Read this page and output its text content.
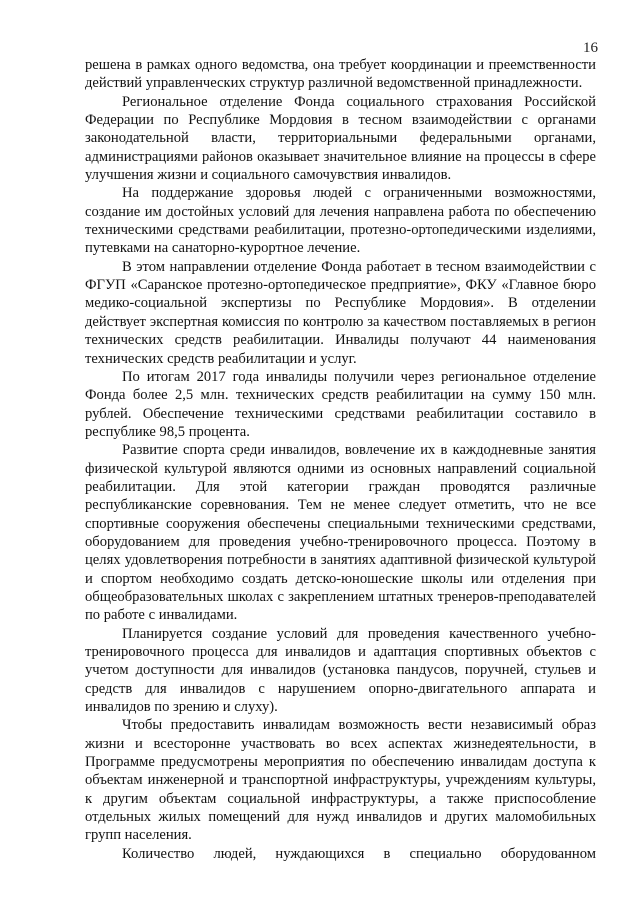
16

решена в рамках одного ведомства, она требует координации и преемственности действий управленческих структур различной ведомственной принадлежности.

Региональное отделение Фонда социального страхования Российской Федерации по Республике Мордовия в тесном взаимодействии с органами законодательной власти, территориальными федеральными органами, администрациями районов оказывает значительное влияние на процессы в сфере улучшения жизни и социального самочувствия инвалидов.

На поддержание здоровья людей с ограниченными возможностями, создание им достойных условий для лечения направлена работа по обеспечению техническими средствами реабилитации, протезно-ортопедическими изделиями, путевками на санаторно-курортное лечение.

В этом направлении отделение Фонда работает в тесном взаимодействии с ФГУП «Саранское протезно-ортопедическое предприятие», ФКУ «Главное бюро медико-социальной экспертизы по Республике Мордовия». В отделении действует экспертная комиссия по контролю за качеством поставляемых в регион технических средств реабилитации. Инвалиды получают 44 наименования технических средств реабилитации и услуг.

По итогам 2017 года инвалиды получили через региональное отделение Фонда более 2,5 млн. технических средств реабилитации на сумму 150 млн. рублей. Обеспечение техническими средствами реабилитации составило в республике 98,5 процента.

Развитие спорта среди инвалидов, вовлечение их в каждодневные занятия физической культурой являются одними из основных направлений социальной реабилитации. Для этой категории граждан проводятся различные республиканские соревнования. Тем не менее следует отметить, что не все спортивные сооружения обеспечены специальными техническими средствами, оборудованием для проведения учебно-тренировочного процесса. Поэтому в целях удовлетворения потребности в занятиях адаптивной физической культурой и спортом необходимо создать детско-юношеские школы или отделения при общеобразовательных школах с закреплением штатных тренеров-преподавателей по работе с инвалидами.

Планируется создание условий для проведения качественного учебно-тренировочного процесса для инвалидов и адаптация спортивных объектов с учетом доступности для инвалидов (установка пандусов, поручней, стульев и средств для инвалидов с нарушением опорно-двигательного аппарата и инвалидов по зрению и слуху).

Чтобы предоставить инвалидам возможность вести независимый образ жизни и всесторонне участвовать во всех аспектах жизнедеятельности, в Программе предусмотрены мероприятия по обеспечению инвалидам доступа к объектам инженерной и транспортной инфраструктуры, учреждениям культуры, к другим объектам социальной инфраструктуры, а также приспособление отдельных жилых помещений для нужд инвалидов и других маломобильных групп населения.

Количество людей, нуждающихся в специально оборудованном
